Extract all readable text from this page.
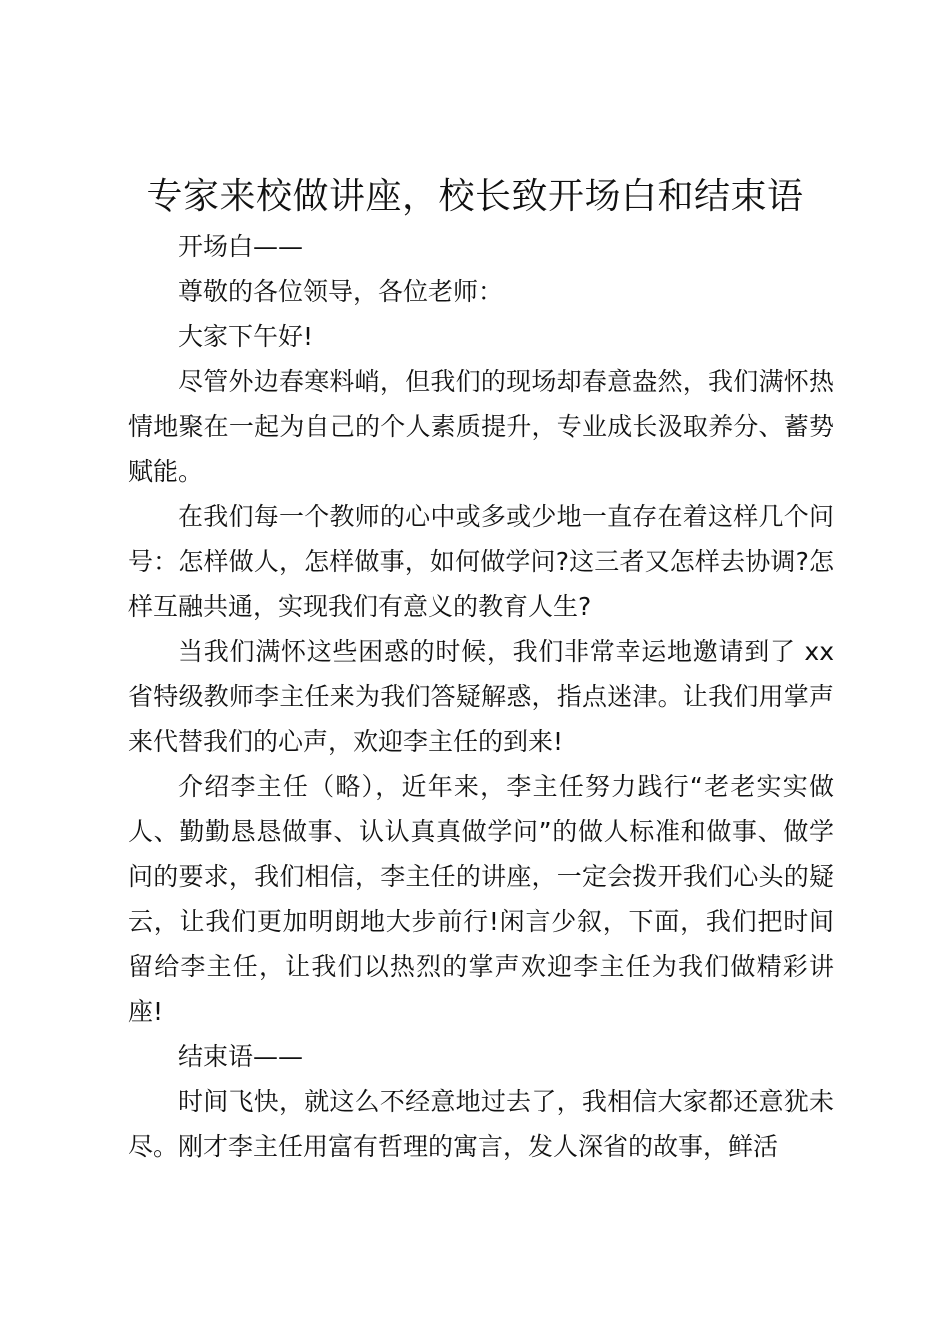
专家来校做讲座，校长致开场白和结束语

开场白——

尊敬的各位领导，各位老师：

大家下午好!

尽管外边春寒料峭，但我们的现场却春意盎然，我们满怀热情地聚在一起为自己的个人素质提升，专业成长汲取养分、蓄势赋能。

在我们每一个教师的心中或多或少地一直存在着这样几个问号：怎样做人，怎样做事，如何做学问?这三者又怎样去协调?怎样互融共通，实现我们有意义的教育人生?

当我们满怀这些困惑的时候，我们非常幸运地邀请到了 xx 省特级教师李主任来为我们答疑解惑，指点迷津。让我们用掌声来代替我们的心声，欢迎李主任的到来!

介绍李主任（略），近年来，李主任努力践行“老老实实做人、勤勤恳恳做事、认认真真做学问”的做人标准和做事、做学问的要求，我们相信，李主任的讲座，一定会拨开我们心头的疑云，让我们更加明朗地大步前行!闲言少叙，下面，我们把时间留给李主任，让我们以热烈的掌声欢迎李主任为我们做精彩讲座!

结束语——

时间飞快，就这么不经意地过去了，我相信大家都还意犹未尽。刚才李主任用富有哲理的寓言，发人深省的故事，鲜活
